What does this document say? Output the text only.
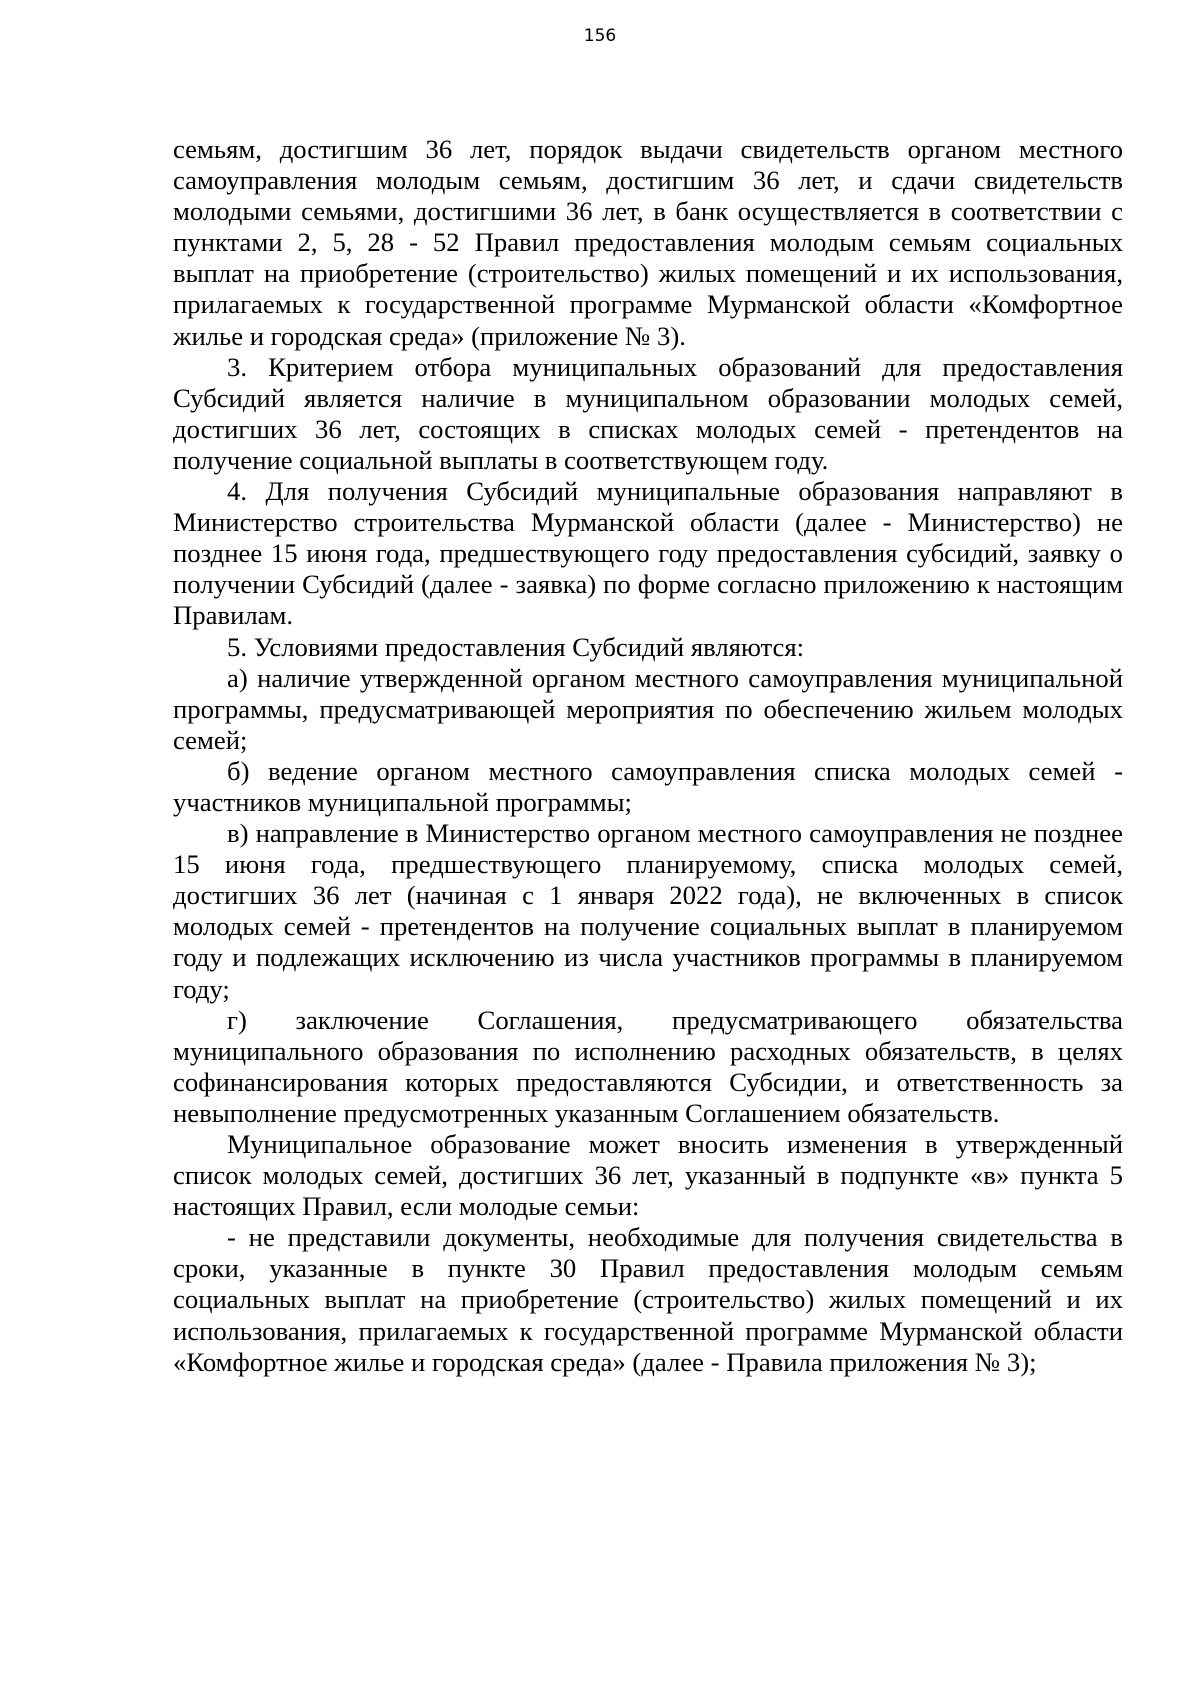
156

семьям, достигшим 36 лет, порядок выдачи свидетельств органом местного самоуправления молодым семьям, достигшим 36 лет, и сдачи свидетельств молодыми семьями, достигшими 36 лет, в банк осуществляется в соответствии с пунктами 2, 5, 28 - 52 Правил предоставления молодым семьям социальных выплат на приобретение (строительство) жилых помещений и их использования, прилагаемых к государственной программе Мурманской области «Комфортное жилье и городская среда» (приложение № 3).

3. Критерием отбора муниципальных образований для предоставления Субсидий является наличие в муниципальном образовании молодых семей, достигших 36 лет, состоящих в списках молодых семей - претендентов на получение социальной выплаты в соответствующем году.

4. Для получения Субсидий муниципальные образования направляют в Министерство строительства Мурманской области (далее - Министерство) не позднее 15 июня года, предшествующего году предоставления субсидий, заявку о получении Субсидий (далее - заявка) по форме согласно приложению к настоящим Правилам.

5. Условиями предоставления Субсидий являются:

а) наличие утвержденной органом местного самоуправления муниципальной программы, предусматривающей мероприятия по обеспечению жильем молодых семей;

б) ведение органом местного самоуправления списка молодых семей - участников муниципальной программы;

в) направление в Министерство органом местного самоуправления не позднее 15 июня года, предшествующего планируемому, списка молодых семей, достигших 36 лет (начиная с 1 января 2022 года), не включенных в список молодых семей - претендентов на получение социальных выплат в планируемом году и подлежащих исключению из числа участников программы в планируемом году;

г) заключение Соглашения, предусматривающего обязательства муниципального образования по исполнению расходных обязательств, в целях софинансирования которых предоставляются Субсидии, и ответственность за невыполнение предусмотренных указанным Соглашением обязательств.

Муниципальное образование может вносить изменения в утвержденный список молодых семей, достигших 36 лет, указанный в подпункте «в» пункта 5 настоящих Правил, если молодые семьи:

- не представили документы, необходимые для получения свидетельства в сроки, указанные в пункте 30 Правил предоставления молодым семьям социальных выплат на приобретение (строительство) жилых помещений и их использования, прилагаемых к государственной программе Мурманской области «Комфортное жилье и городская среда» (далее - Правила приложения № 3);
